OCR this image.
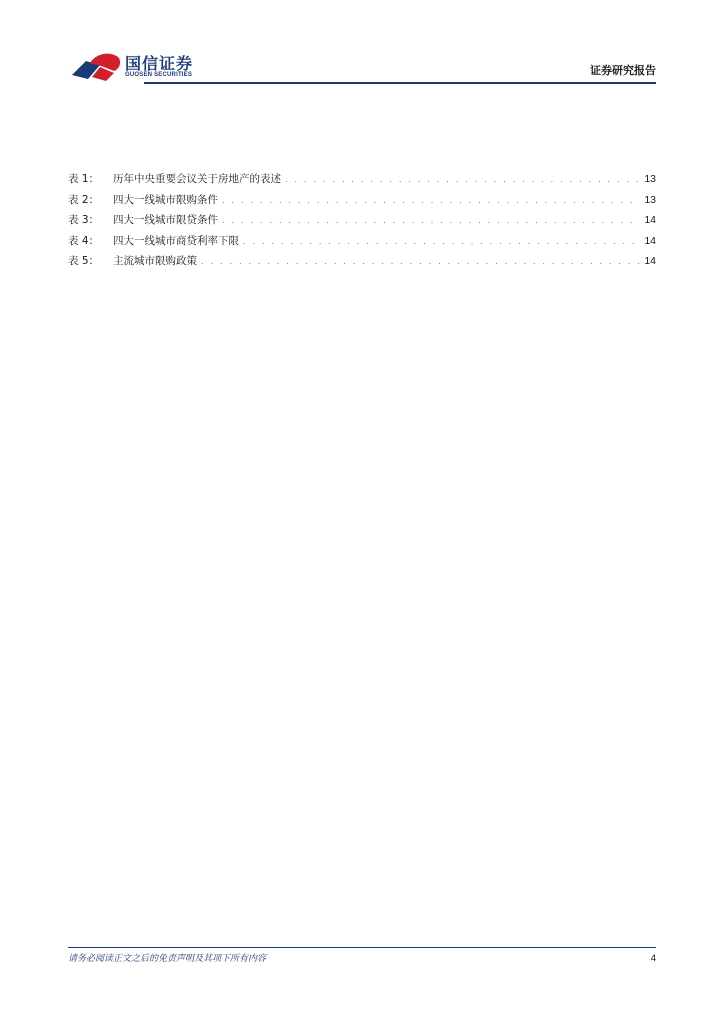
国信证券
GUOSEN SECURITIES	证券研究报告
表 1：	历年中央重要会议关于房地产的表述 . . .	13
表 2：	四大一线城市限购条件 . . .	13
表 3：	四大一线城市限贷条件 . . .	14
表 4：	四大一线城市商贷利率下限 . . .	14
表 5：	主流城市限购政策 . . .	14
请务必阅读正文之后的免责声明及其项下所有内容	4
